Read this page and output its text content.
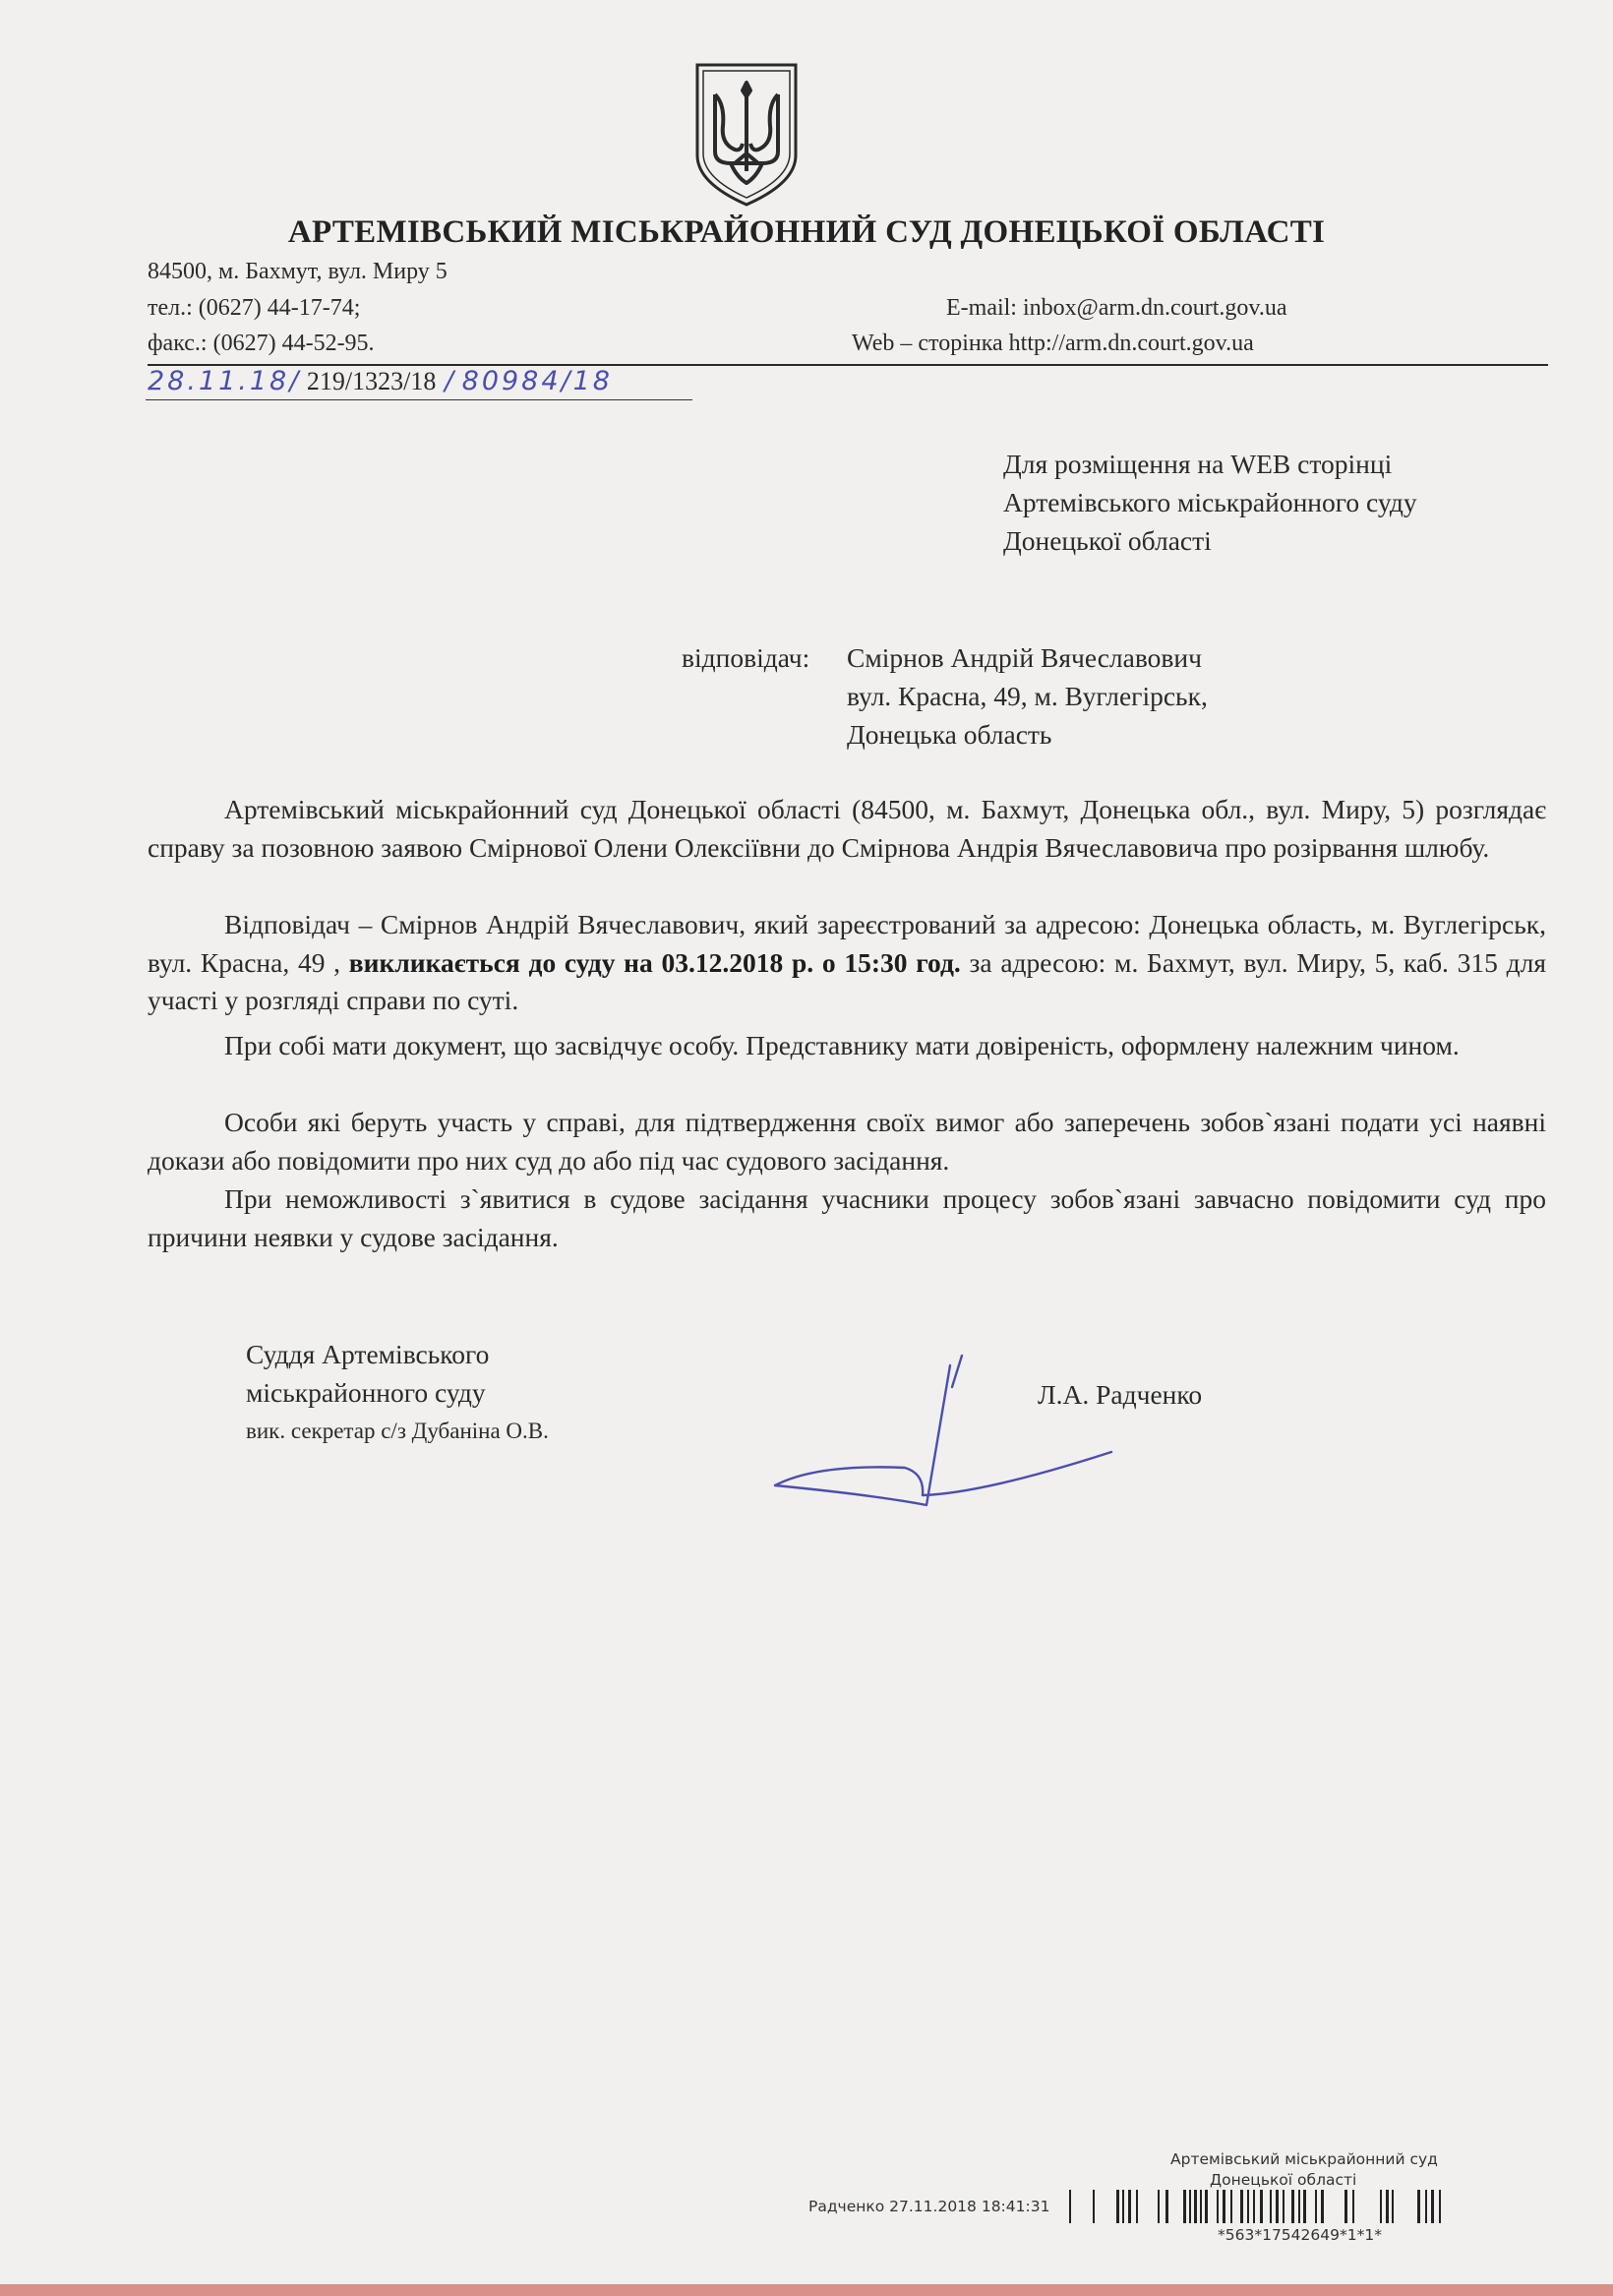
АРТЕМІВСЬКИЙ МІСЬКРАЙОННИЙ СУД ДОНЕЦЬКОЇ ОБЛАСТІ
84500, м. Бахмут, вул. Миру 5
тел.: (0627) 44-17-74;
факс.: (0627) 44-52-95.
E-mail: inbox@arm.dn.court.gov.ua
Web – сторінка http://arm.dn.court.gov.ua
28.11.18/ 219/1323/18 / 80984/18
Для розміщення на WEB сторінці
Артемівського міськрайонного суду
Донецької області
відповідач: Смірнов Андрій Вячеславович
вул. Красна, 49, м. Вуглегірськ,
Донецька область

Артемівський міськрайонний суд Донецької області (84500, м. Бахмут, Донецька обл., вул. Миру, 5) розглядає справу за позовною заявою Смірнової Олени Олексіївни до Смірнова Андрія Вячеславовича про розірвання шлюбу.

Відповідач – Смірнов Андрій Вячеславович, який зареєстрований за адресою: Донецька область, м. Вуглегірськ, вул. Красна, 49 , викликається до суду на 03.12.2018 р. о 15:30 год. за адресою: м. Бахмут, вул. Миру, 5, каб. 315 для участі у розгляді справи по суті.

При собі мати документ, що засвідчує особу. Представнику мати довіреність, оформлену належним чином.

Особи які беруть участь у справі, для підтвердження своїх вимог або заперечень зобов`язані подати усі наявні докази або повідомити про них суд до або під час судового засідання.

При неможливості з`явитися в судове засідання учасники процесу зобов`язані завчасно повідомити суд про причини неявки у судове засідання.

Суддя Артемівського
міськрайонного суду
вик. секретар с/з Дубаніна О.В.
Л.А. Радченко
Артемівський міськрайонний суд
Донецької області
Радченко 27.11.2018 18:41:31
*563*17542649*1*1*
